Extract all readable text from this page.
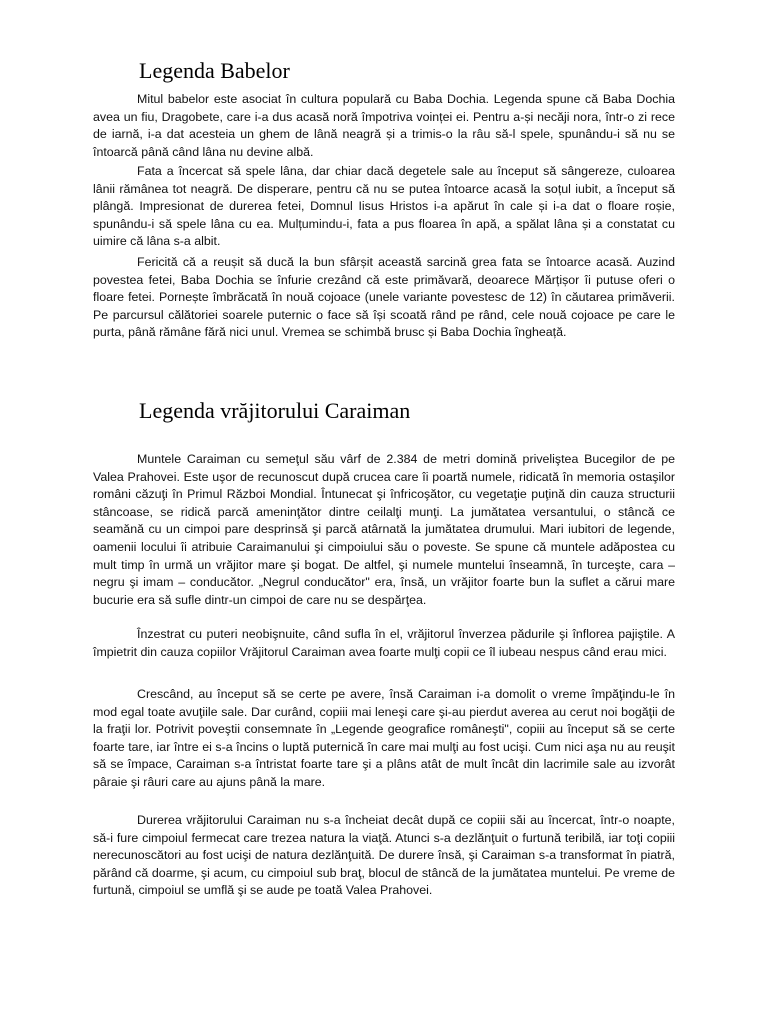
Legenda Babelor

Mitul babelor este asociat în cultura populară cu Baba Dochia. Legenda spune că Baba Dochia avea un fiu, Dragobete, care i-a dus acasă noră împotriva voinței ei. Pentru a-și necăji nora, într-o zi rece de iarnă, i-a dat acesteia un ghem de lână neagră și a trimis-o la râu să-l spele, spunându-i să nu se întoarcă până când lâna nu devine albă.

Fata a încercat să spele lâna, dar chiar dacă degetele sale au început să sângereze, culoarea lânii rămânea tot neagră. De disperare, pentru că nu se putea întoarce acasă la soțul iubit, a început să plângă. Impresionat de durerea fetei, Domnul Iisus Hristos i-a apărut în cale și i-a dat o floare roșie, spunându-i să spele lâna cu ea. Mulțumindu-i, fata a pus floarea în apă, a spălat lâna și a constatat cu uimire că lâna s-a albit.

Fericită că a reușit să ducă la bun sfârșit această sarcină grea fata se întoarce acasă. Auzind povestea fetei, Baba Dochia se înfurie crezând că este primăvară, deoarece Mărțișor îi putuse oferi o floare fetei. Pornește îmbrăcată în nouă cojoace (unele variante povestesc de 12) în căutarea primăverii. Pe parcursul călătoriei soarele puternic o face să își scoată rând pe rând, cele nouă cojoace pe care le purta, până rămâne fără nici unul. Vremea se schimbă brusc și Baba Dochia îngheață.

Legenda vrăjitorului Caraiman

Muntele Caraiman cu semeţul său vârf de 2.384 de metri domină priveliştea Bucegilor de pe Valea Prahovei. Este uşor de recunoscut după crucea care îi poartă numele, ridicată în memoria ostaşilor români căzuţi în Primul Război Mondial. Întunecat şi înfricoşător, cu vegetaţie puţină din cauza structurii stâncoase, se ridică parcă ameninţător dintre ceilalţi munţi. La jumătatea versantului, o stâncă ce seamănă cu un cimpoi pare desprinsă şi parcă atârnată la jumătatea drumului. Mari iubitori de legende, oamenii locului îi atribuie Caraimanului şi cimpoiului său o poveste. Se spune că muntele adăpostea cu mult timp în urmă un vrăjitor mare şi bogat. De altfel, şi numele muntelui înseamnă, în turceşte, cara – negru şi imam – conducător. „Negrul conducător" era, însă, un vrăjitor foarte bun la suflet a cărui mare bucurie era să sufle dintr-un cimpoi de care nu se despărţea.

Înzestrat cu puteri neobişnuite, când sufla în el, vrăjitorul înverzea pădurile şi înflorea pajiştile. A împietrit din cauza copiilor Vrăjitorul Caraiman avea foarte mulţi copii ce îl iubeau nespus când erau mici.

Crescând, au început să se certe pe avere, însă Caraiman i-a domolit o vreme împăţindu-le în mod egal toate avuţiile sale. Dar curând, copiii mai leneşi care şi-au pierdut averea au cerut noi bogăţii de la fraţii lor. Potrivit poveştii consemnate în „Legende geografice româneşti", copiii au început să se certe foarte tare, iar între ei s-a încins o luptă puternică în care mai mulţi au fost ucişi. Cum nici aşa nu au reuşit să se împace, Caraiman s-a întristat foarte tare şi a plâns atât de mult încât din lacrimile sale au izvorât pâraie şi râuri care au ajuns până la mare.

Durerea vrăjitorului Caraiman nu s-a încheiat decât după ce copiii săi au încercat, într-o noapte, să-i fure cimpoiul fermecat care trezea natura la viaţă. Atunci s-a dezlănţuit o furtună teribilă, iar toţi copiii nerecunoscători au fost ucişi de natura dezlănţuită. De durere însă, şi Caraiman s-a transformat în piatră, părând că doarme, şi acum, cu cimpoiul sub braţ, blocul de stâncă de la jumătatea muntelui. Pe vreme de furtună, cimpoiul se umflă şi se aude pe toată Valea Prahovei.
